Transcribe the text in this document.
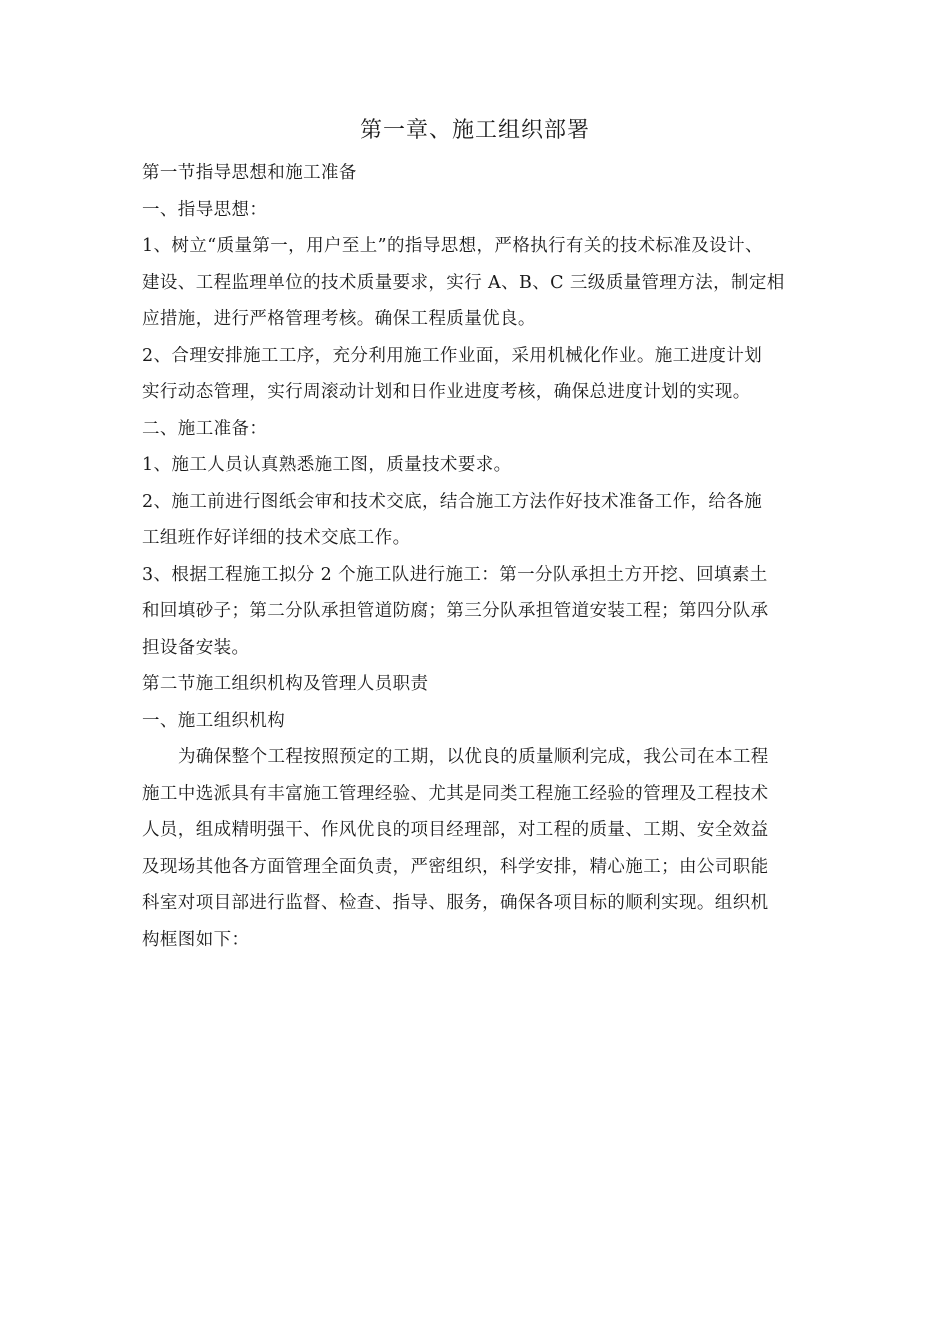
第一章、施工组织部署

第一节指导思想和施工准备

一、指导思想：

1、树立“质量第一，用户至上”的指导思想，严格执行有关的技术标准及设计、

建设、工程监理单位的技术质量要求，实行 A、B、C 三级质量管理方法，制定相

应措施，进行严格管理考核。确保工程质量优良。

2、合理安排施工工序，充分利用施工作业面，采用机械化作业。施工进度计划

实行动态管理，实行周滚动计划和日作业进度考核，确保总进度计划的实现。

二、施工准备：

1、施工人员认真熟悉施工图，质量技术要求。

2、施工前进行图纸会审和技术交底，结合施工方法作好技术准备工作，给各施

工组班作好详细的技术交底工作。

3、根据工程施工拟分 2 个施工队进行施工：第一分队承担土方开挖、回填素土

和回填砂子；第二分队承担管道防腐；第三分队承担管道安装工程；第四分队承

担设备安装。

第二节施工组织机构及管理人员职责

一、施工组织机构

为确保整个工程按照预定的工期，以优良的质量顺利完成，我公司在本工程

施工中选派具有丰富施工管理经验、尤其是同类工程施工经验的管理及工程技术

人员，组成精明强干、作风优良的项目经理部，对工程的质量、工期、安全效益

及现场其他各方面管理全面负责，严密组织，科学安排，精心施工；由公司职能

科室对项目部进行监督、检查、指导、服务，确保各项目标的顺利实现。组织机

构框图如下：
